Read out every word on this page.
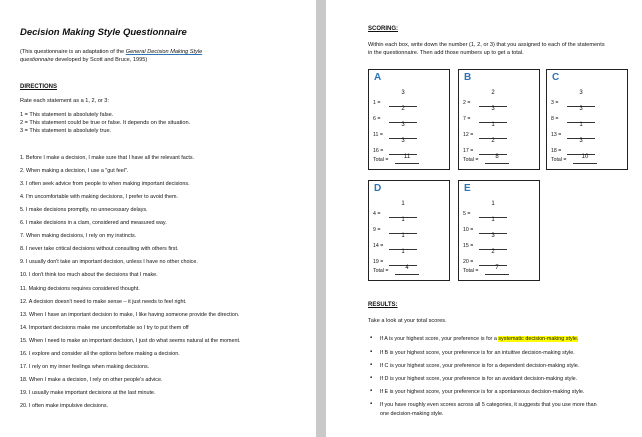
Decision Making Style Questionnaire
(This questionnaire is an adaptation of the General Decision Making Style
questionnaire developed by Scott and Bruce, 1995)
DIRECTIONS
Rate each statement as a 1, 2, or 3:
1 = This statement is absolutely false.
2 = This statement could be true or false. It depends on the situation.
3 = This statement is absolutely true.
1. Before I make a decision, I make sure that I have all the relevant facts.
2. When making a decision, I use a "gut feel".
3. I often seek advice from people to when making important decisions.
4. I'm uncomfortable with making decisions, I prefer to avoid them.
5. I make decisions promptly, no unnecessary delays.
6. I make decisions in a clam, considered and measured way.
7. When making decisions, I rely on my instincts.
8. I never take critical decisions without consulting with others first.
9. I usually don't take an important decision, unless I have no other choice.
10. I don't think too much about the decisions that I make.
11. Making decisions requires considered thought.
12. A decision doesn't need to make sense – it just needs to feel right.
13. When I have an important decision to make, I like having someone provide the direction.
14. Important decisions make me uncomfortable so I try to put them off
15. When I need to make an important decision, I just do what seems natural at the moment.
16. I explore and consider all the options before making a decision.
17. I rely on my inner feelings when making decisions.
18. When I make a decision, I rely on other people's advice.
19. I usually make important decisions at the last minute.
20. I often make impulsive decisions.
SCORING:
Within each box, write down the number (1, 2, or 3) that you assigned to each of the statements
in the questionnaire. Then add those numbers up to get a total.
A
1 =
3
6 =
2
11 =
3
16 =
3
Total =	11
B
2 =
2
7 =
3
12 =
1
17 =
2
Total =	8
C
3 =
3
8 =
3
13 =
1
18 =
3
Total =	10
D
4 =
1
9 =
1
14 =
1
19 =
1
Total =	4
E
5 =
1
10 =
1
15 =
3
20 =
2
Total =	7
RESULTS:
Take a look at your total scores.
▪ If A is your highest score, your preference is for a systematic decision-making style.
▪ If B is your highest score, your preference is for an intuitive decision-making style.
▪ If C is your highest score, your preference is for a dependent decision-making style.
▪ If D is your highest score, your preference is for an avoidant decision-making style.
▪ If E is your highest score, your preference is for a spontaneous decision-making style.
▪ If you have roughly even scores across all 5 categories, it suggests that you use more than
one decision-making style.
